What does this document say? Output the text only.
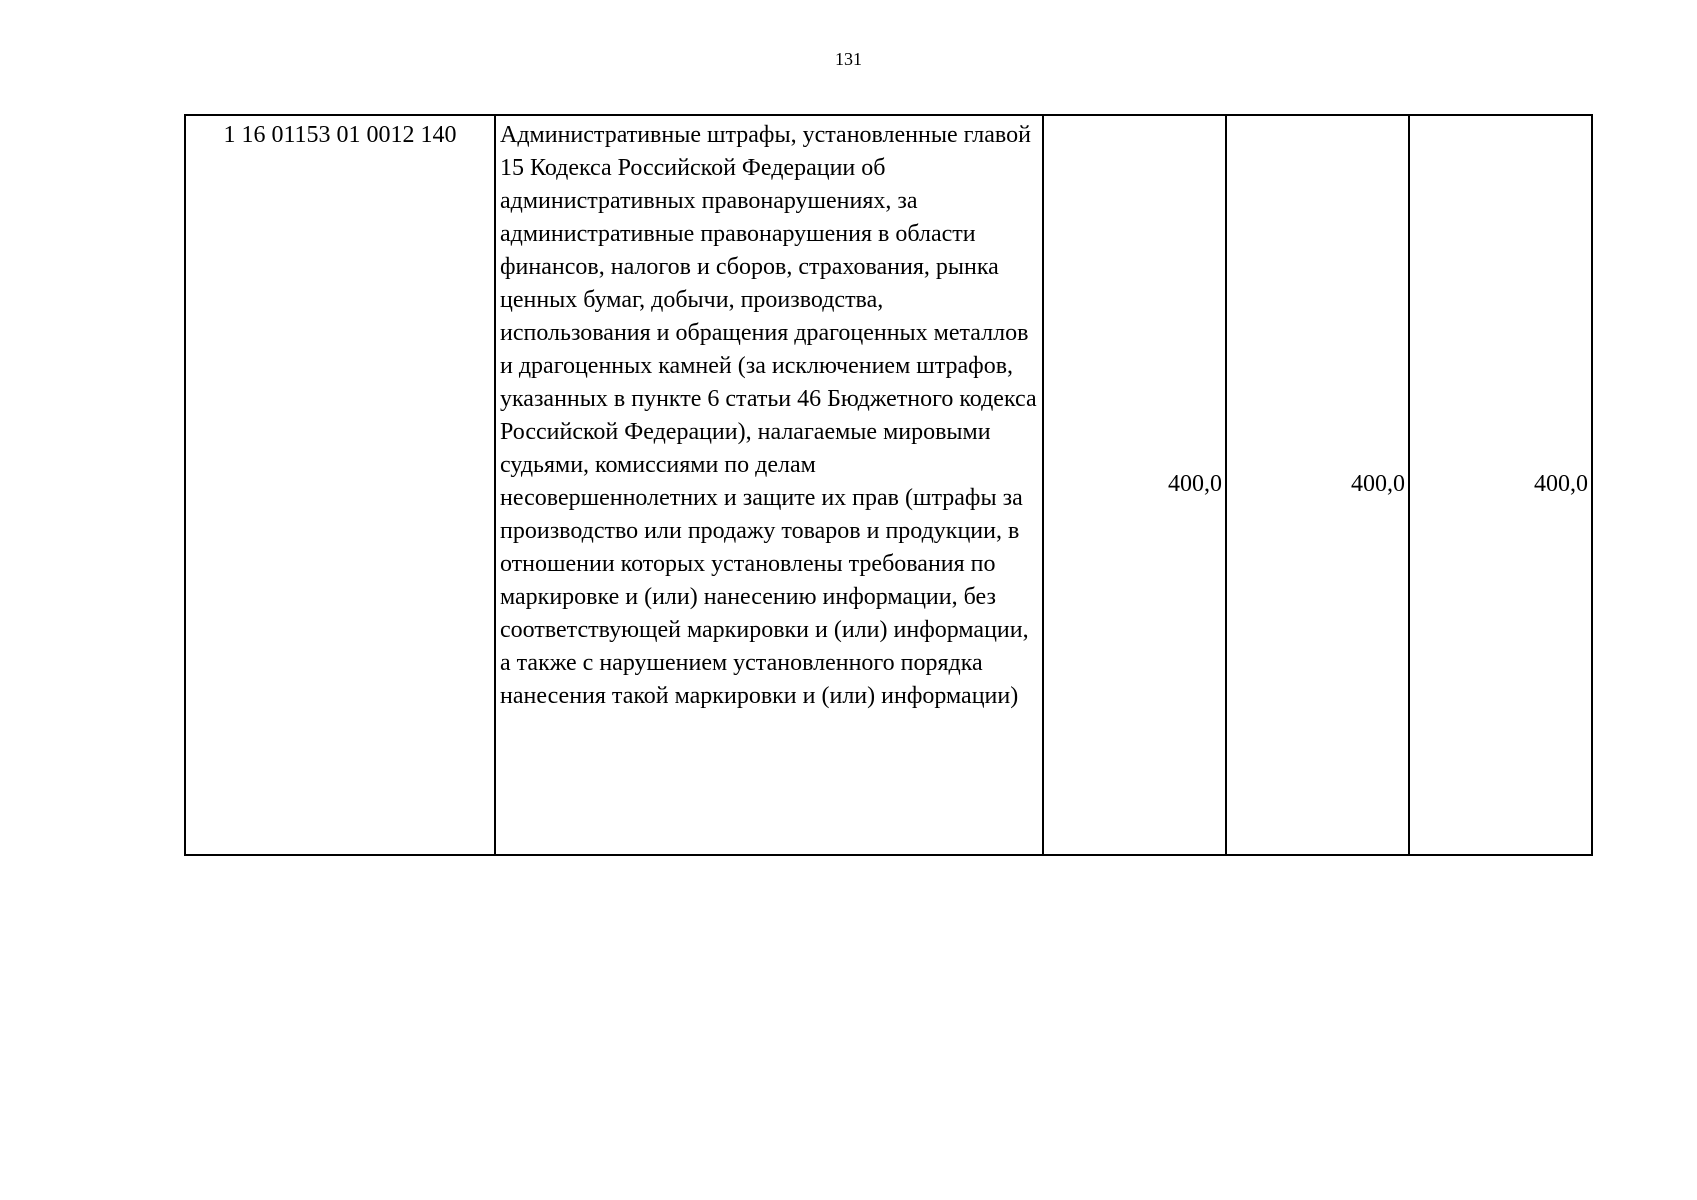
131
1 16 01153 01 0012 140	Административные штрафы, установленные главой 15 Кодекса Российской Федерации об административных правонарушениях, за административные правонарушения в области финансов, налогов и сборов, страхования, рынка ценных бумаг, добычи, производства, использования и обращения драгоценных металлов и драгоценных камней (за исключением штрафов, указанных в пункте 6 статьи 46 Бюджетного кодекса Российской Федерации), налагаемые мировыми судьями, комиссиями по делам несовершеннолетних и защите их прав (штрафы за производство или продажу товаров и продукции, в отношении которых установлены требования по маркировке и (или) нанесению информации, без соответствующей маркировки и (или) информации, а также с нарушением установленного порядка нанесения такой маркировки и (или) информации)	400,0	400,0	400,0
